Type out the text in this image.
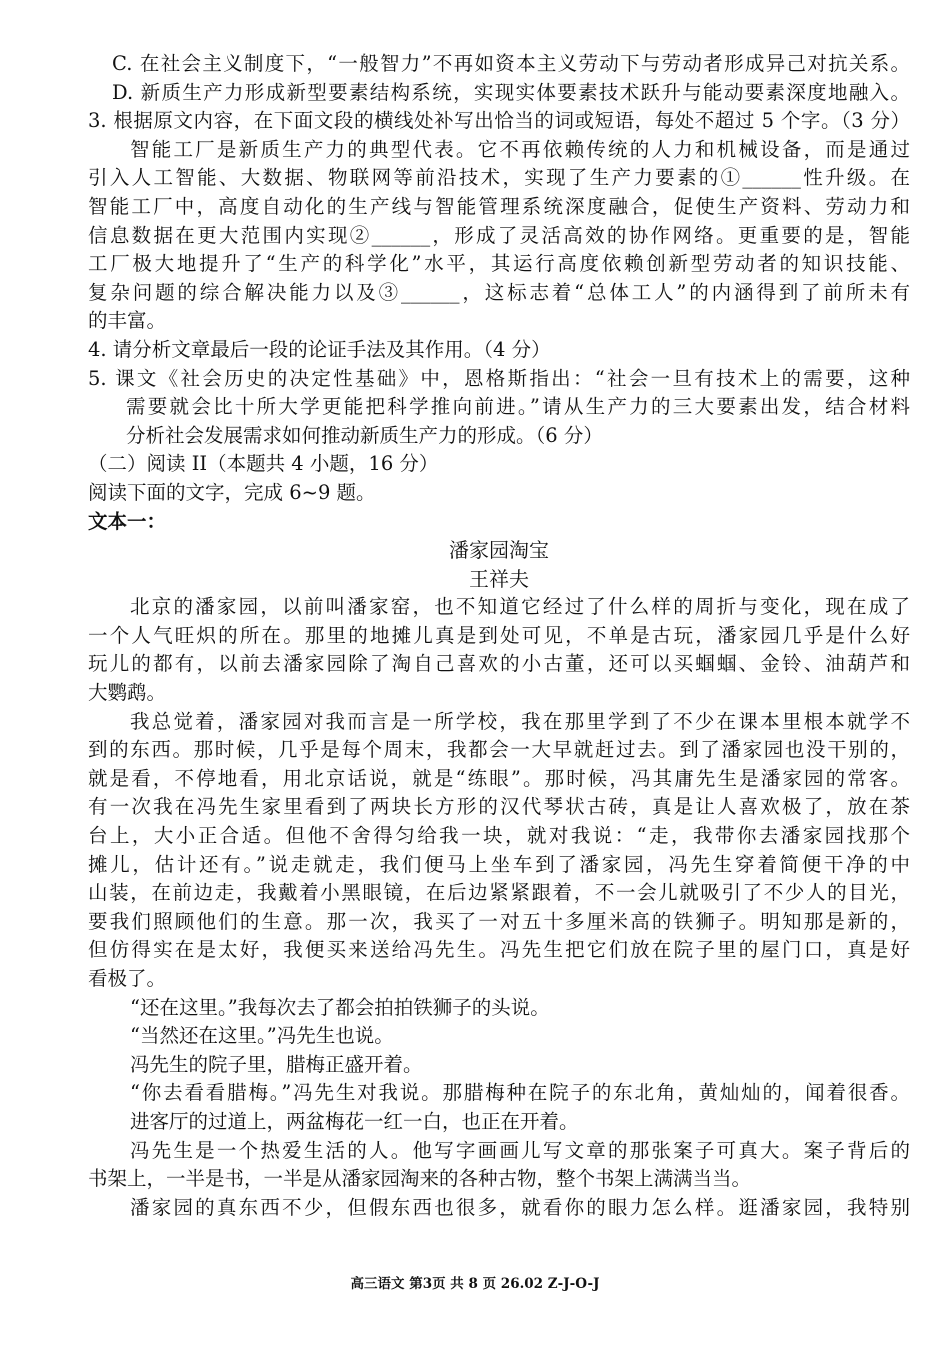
C. 在社会主义制度下，“一般智力”不再如资本主义劳动下与劳动者形成异己对抗关系。
D. 新质生产力形成新型要素结构系统，实现实体要素技术跃升与能动要素深度地融入。
3. 根据原文内容，在下面文段的横线处补写出恰当的词或短语，每处不超过 5 个字。（3 分）
智能工厂是新质生产力的典型代表。它不再依赖传统的人力和机械设备，而是通过
引入人工智能、大数据、物联网等前沿技术，实现了生产力要素的①______性升级。在
智能工厂中，高度自动化的生产线与智能管理系统深度融合，促使生产资料、劳动力和
信息数据在更大范围内实现②______，形成了灵活高效的协作网络。更重要的是，智能
工厂极大地提升了“生产的科学化”水平，其运行高度依赖创新型劳动者的知识技能、
复杂问题的综合解决能力以及③______，这标志着“总体工人”的内涵得到了前所未有
的丰富。
4. 请分析文章最后一段的论证手法及其作用。（4 分）
5. 课文《社会历史的决定性基础》中，恩格斯指出：“社会一旦有技术上的需要，这种
需要就会比十所大学更能把科学推向前进。”请从生产力的三大要素出发，结合材料
分析社会发展需求如何推动新质生产力的形成。（6 分）
（二）阅读 II（本题共 4 小题，16 分）
阅读下面的文字，完成 6~9 题。
文本一：
潘家园淘宝
王祥夫
北京的潘家园，以前叫潘家窑，也不知道它经过了什么样的周折与变化，现在成了
一个人气旺炽的所在。那里的地摊儿真是到处可见，不单是古玩，潘家园几乎是什么好
玩儿的都有，以前去潘家园除了淘自己喜欢的小古董，还可以买蝈蝈、金铃、油葫芦和
大鹦鹉。
我总觉着，潘家园对我而言是一所学校，我在那里学到了不少在课本里根本就学不
到的东西。那时候，几乎是每个周末，我都会一大早就赶过去。到了潘家园也没干别的，
就是看，不停地看，用北京话说，就是“练眼”。那时候，冯其庸先生是潘家园的常客。
有一次我在冯先生家里看到了两块长方形的汉代琴状古砖，真是让人喜欢极了，放在茶
台上，大小正合适。但他不舍得匀给我一块，就对我说：“走，我带你去潘家园找那个
摊儿，估计还有。”说走就走，我们便马上坐车到了潘家园，冯先生穿着简便干净的中
山装，在前边走，我戴着小黑眼镜，在后边紧紧跟着，不一会儿就吸引了不少人的目光，
要我们照顾他们的生意。那一次，我买了一对五十多厘米高的铁狮子。明知那是新的，
但仿得实在是太好，我便买来送给冯先生。冯先生把它们放在院子里的屋门口，真是好
看极了。
“还在这里。”我每次去了都会拍拍铁狮子的头说。
“当然还在这里。”冯先生也说。
冯先生的院子里，腊梅正盛开着。
“你去看看腊梅。”冯先生对我说。那腊梅种在院子的东北角，黄灿灿的，闻着很香。
进客厅的过道上，两盆梅花一红一白，也正在开着。
冯先生是一个热爱生活的人。他写字画画儿写文章的那张案子可真大。案子背后的
书架上，一半是书，一半是从潘家园淘来的各种古物，整个书架上满满当当。
潘家园的真东西不少，但假东西也很多，就看你的眼力怎么样。逛潘家园，我特别
高三语文 第3页 共 8 页 26.02 Z-J-O-J
